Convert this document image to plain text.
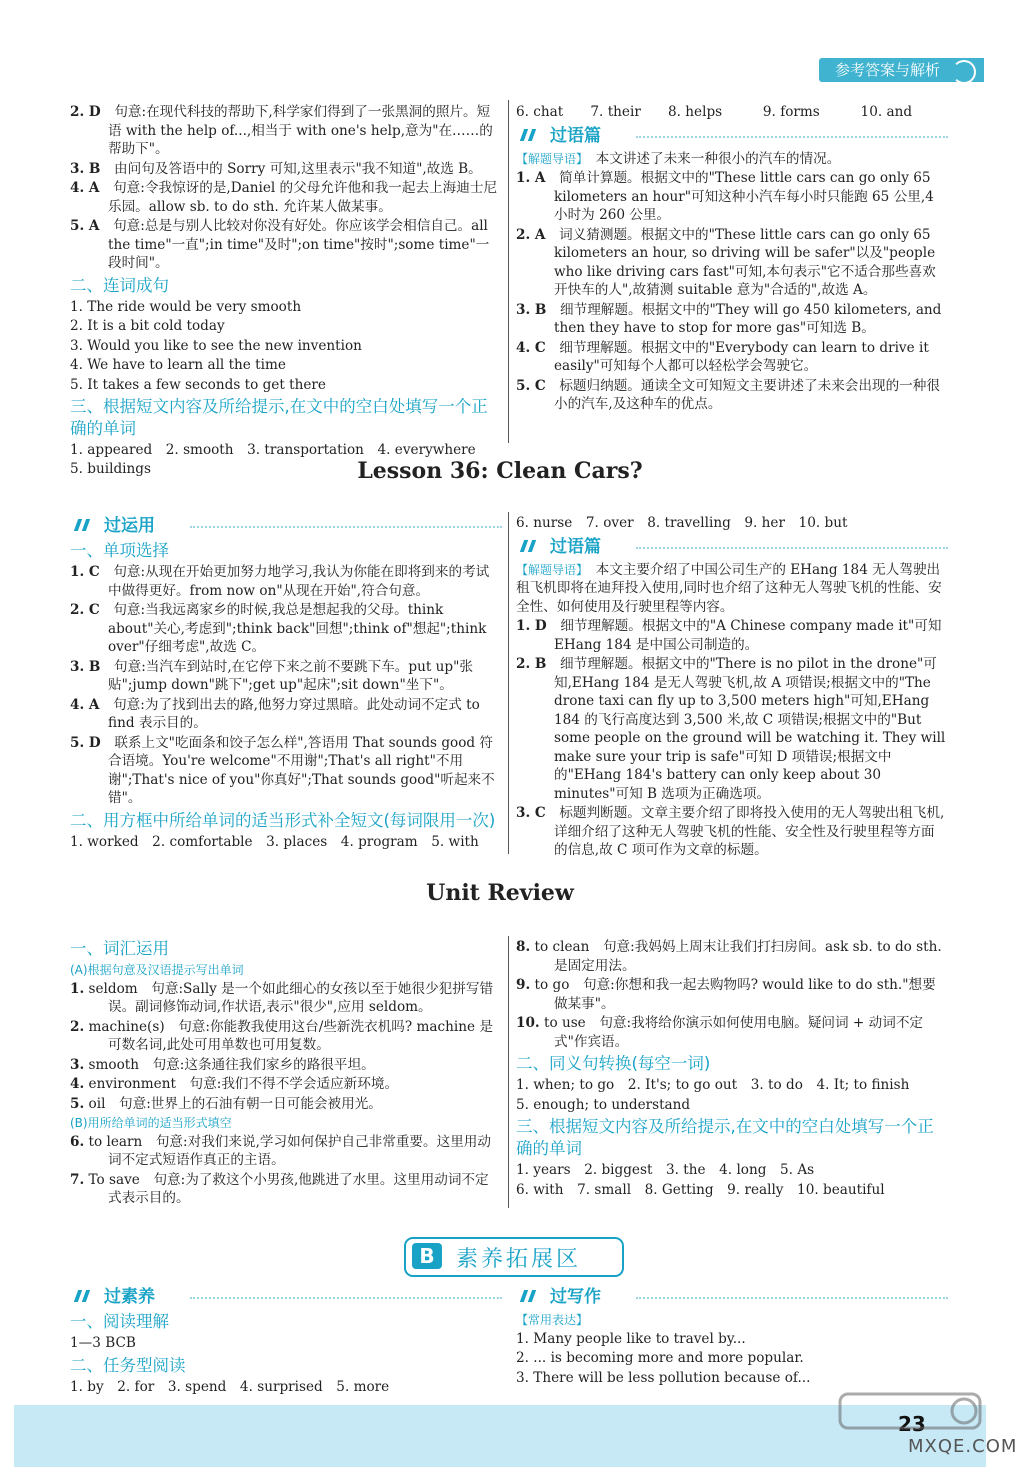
参考答案与解析
2. D　 句意:在现代科技的帮助下,科学家们得到了一张黑洞的照片。短语 with the help of...,相当于 with one's help,意为"在……的帮助下"。
3. B　 由问句及答语中的 Sorry 可知,这里表示"我不知道",故选 B。
4. A　 句意:令我惊讶的是,Daniel 的父母允许他和我一起去上海迪士尼乐园。allow sb. to do sth. 允许某人做某事。
5. A　 句意:总是与别人比较对你没有好处。你应该学会相信自己。all the time"一直";in time"及时";on time"按时";some time"一段时间"。
二、连词成句
1. The ride would be very smooth
2. It is a bit cold today
3. Would you like to see the new invention
4. We have to learn all the time
5. It takes a few seconds to get there
三、根据短文内容及所给提示,在文中的空白处填写一个正确的单词
1. appeared　2. smooth　3. transportation　4. everywhere　5. buildings
6. chat　　7. their　　8. helps　　　9. forms　　　10. and
过语篇
【解题导语】　 本文讲述了未来一种很小的汽车的情况。
1. A　 简单计算题。根据文中的"These little cars can go only 65 kilometers an hour"可知这种小汽车每小时只能跑 65 公里,4 小时为 260 公里。
2. A　 词义猜测题。根据文中的"These little cars can go only 65 kilometers an hour, so driving will be safer"以及"people who like driving cars fast"可知,本句表示"它不适合那些喜欢开快车的人",故猜测 suitable 意为"合适的",故选 A。
3. B　 细节理解题。根据文中的"They will go 450 kilometers, and then they have to stop for more gas"可知选 B。
4. C　 细节理解题。根据文中的"Everybody can learn to drive it easily"可知每个人都可以轻松学会驾驶它。
5. C　 标题归纳题。通读全文可知短文主要讲述了未来会出现的一种很小的汽车,及这种车的优点。
Lesson 36: Clean Cars?
过运用
一、单项选择
1. C　 句意:从现在开始更加努力地学习,我认为你能在即将到来的考试中做得更好。from now on"从现在开始",符合句意。
2. C　 句意:当我远离家乡的时候,我总是想起我的父母。think about"关心,考虑到";think back"回想";think of"想起";think over"仔细考虑",故选 C。
3. B　 句意:当汽车到站时,在它停下来之前不要跳下车。put up"张贴";jump down"跳下";get up"起床";sit down"坐下"。
4. A　 句意:为了找到出去的路,他努力穿过黑暗。此处动词不定式 to find 表示目的。
5. D　 联系上文"吃面条和饺子怎么样",答语用 That sounds good 符合语境。You're welcome"不用谢";That's all right"不用谢";That's nice of you"你真好";That sounds good"听起来不错"。
二、用方框中所给单词的适当形式补全短文(每词限用一次)
1. worked　2. comfortable　3. places　4. program　5. with
6. nurse　7. over　8. travelling　9. her　10. but
过语篇
【解题导语】　 本文主要介绍了中国公司生产的 EHang 184 无人驾驶出租飞机即将在迪拜投入使用,同时也介绍了这种无人驾驶飞机的性能、安全性、如何使用及行驶里程等内容。
1. D　 细节理解题。根据文中的"A Chinese company made it"可知 EHang 184 是中国公司制造的。
2. B　 细节理解题。根据文中的"There is no pilot in the drone"可知,EHang 184 是无人驾驶飞机,故 A 项错误;根据文中的"The drone taxi can fly up to 3,500 meters high"可知,EHang 184 的飞行高度达到 3,500 米,故 C 项错误;根据文中的"But some people on the ground will be watching it. They will make sure your trip is safe"可知 D 项错误;根据文中的"EHang 184's battery can only keep about 30 minutes"可知 B 选项为正确选项。
3. C　 标题判断题。文章主要介绍了即将投入使用的无人驾驶出租飞机,详细介绍了这种无人驾驶飞机的性能、安全性及行驶里程等方面的信息,故 C 项可作为文章的标题。
Unit Review
一、词汇运用
(A)根据句意及汉语提示写出单词
1. seldom　 句意:Sally 是一个如此细心的女孩以至于她很少犯拼写错误。副词修饰动词,作状语,表示"很少",应用 seldom。
2. machine(s)　 句意:你能教我使用这台/些新洗衣机吗? machine 是可数名词,此处可用单数也可用复数。
3. smooth　 句意:这条通往我们家乡的路很平坦。
4. environment　 句意:我们不得不学会适应新环境。
5. oil　 句意:世界上的石油有朝一日可能会被用光。
(B)用所给单词的适当形式填空
6. to learn　 句意:对我们来说,学习如何保护自己非常重要。这里用动词不定式短语作真正的主语。
7. To save　 句意:为了救这个小男孩,他跳进了水里。这里用动词不定式表示目的。
8. to clean　 句意:我妈妈上周末让我们打扫房间。ask sb. to do sth. 是固定用法。
9. to go　 句意:你想和我一起去购物吗? would like to do sth."想要做某事"。
10. to use　 句意:我将给你演示如何使用电脑。疑问词 + 动词不定式"作宾语。
二、同义句转换(每空一词)
1. when; to go　2. It's; to go out　3. to do　4. It; to finish
5. enough; to understand
三、根据短文内容及所给提示,在文中的空白处填写一个正确的单词
1. years　2. biggest　3. the　4. long　5. As
6. with　7. small　8. Getting　9. really　10. beautiful
B 素养拓展区
过素养
一、阅读理解
1—3 BCB
二、任务型阅读
1. by　2. for　3. spend　4. surprised　5. more
过写作
【常用表达】
1. Many people like to travel by...
2. ... is becoming more and more popular.
3. There will be less pollution because of...
23
MXQE.COM
